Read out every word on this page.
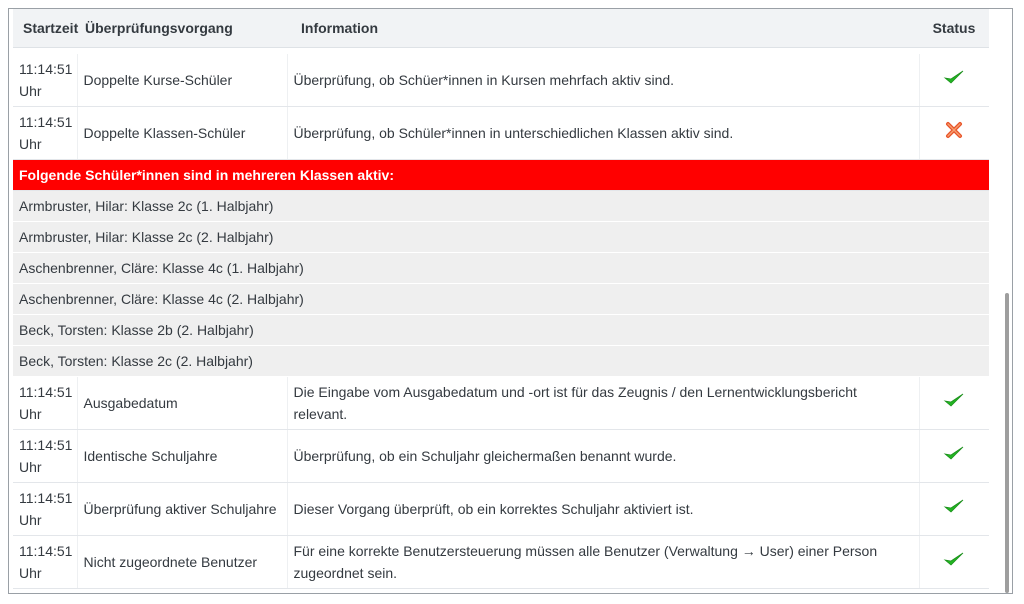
Startzeit	Überprüfungsvorgang	Information	Status

11:14:51 Uhr	Doppelte Kurse-Schüler	Überprüfung, ob Schüer*innen in Kursen mehrfach aktiv sind.	
11:14:51 Uhr	Doppelte Klassen-Schüler	Überprüfung, ob Schüler*innen in unterschiedlichen Klassen aktiv sind.	
Folgende Schüler*innen sind in mehreren Klassen aktiv:			
Armbruster, Hilar: Klasse 2c (1. Halbjahr)			
Armbruster, Hilar: Klasse 2c (2. Halbjahr)			
Aschenbrenner, Cläre: Klasse 4c (1. Halbjahr)			
Aschenbrenner, Cläre: Klasse 4c (2. Halbjahr)			
Beck, Torsten: Klasse 2b (2. Halbjahr)			
Beck, Torsten: Klasse 2c (2. Halbjahr)			
11:14:51 Uhr	Ausgabedatum	Die Eingabe vom Ausgabedatum und -ort ist für das Zeugnis / den Lernentwicklungsbericht relevant.	
11:14:51 Uhr	Identische Schuljahre	Überprüfung, ob ein Schuljahr gleichermaßen benannt wurde.	
11:14:51 Uhr	Überprüfung aktiver Schuljahre	Dieser Vorgang überprüft, ob ein korrektes Schuljahr aktiviert ist.	
11:14:51 Uhr	Nicht zugeordnete Benutzer	Für eine korrekte Benutzersteuerung müssen alle Benutzer (Verwaltung → User) einer Person zugeordnet sein.	
